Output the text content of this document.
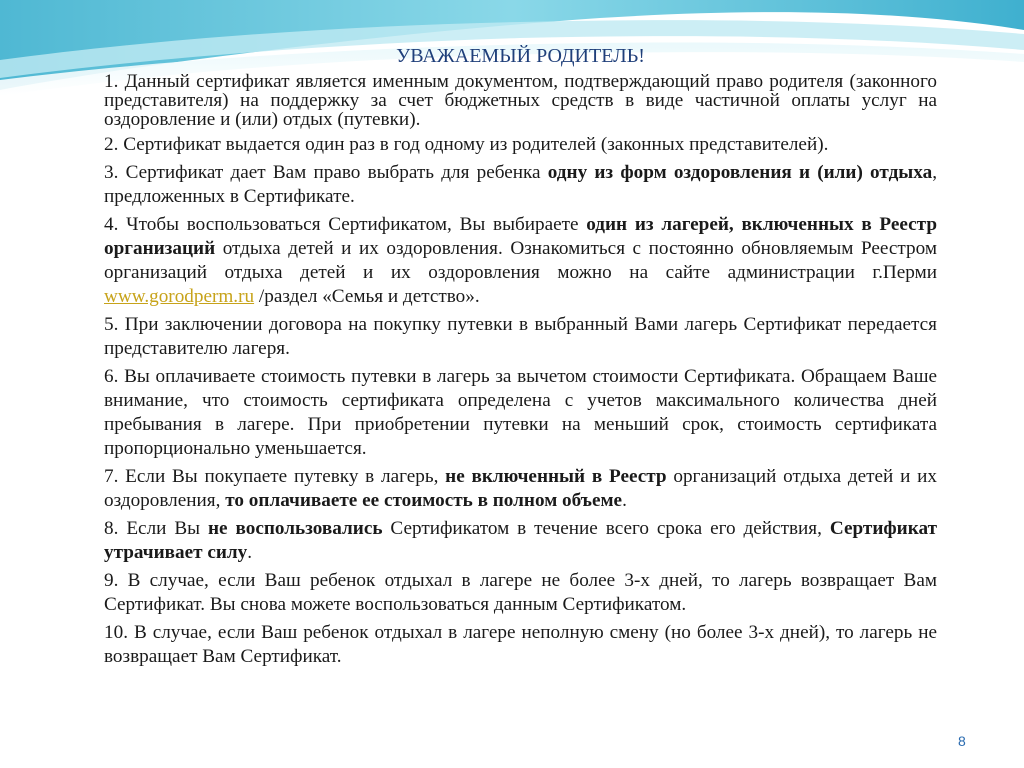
УВАЖАЕМЫЙ РОДИТЕЛЬ!

1. Данный сертификат является именным документом, подтверждающий право родителя (законного представителя) на поддержку за счет бюджетных средств в виде частичной оплаты услуг на оздоровление и (или) отдых (путевки).

2. Сертификат выдается один раз в год одному из родителей (законных представителей).

3. Сертификат дает Вам право выбрать для ребенка одну из форм оздоровления и (или) отдыха, предложенных в Сертификате.

4. Чтобы воспользоваться Сертификатом, Вы выбираете один из лагерей, включенных в Реестр организаций отдыха детей и их оздоровления. Ознакомиться с постоянно обновляемым Реестром организаций отдыха детей и их оздоровления можно на сайте администрации г.Перми www.gorodperm.ru /раздел «Семья и детство».

5. При заключении договора на покупку путевки в выбранный Вами лагерь Сертификат передается представителю лагеря.

6. Вы оплачиваете стоимость путевки в лагерь за вычетом стоимости Сертификата. Обращаем Ваше внимание, что стоимость сертификата определена с учетов максимального количества дней пребывания в лагере. При приобретении путевки на меньший срок, стоимость сертификата пропорционально уменьшается.

7. Если Вы покупаете путевку в лагерь, не включенный в Реестр организаций отдыха детей и их оздоровления, то оплачиваете ее стоимость в полном объеме.

8. Если Вы не воспользовались Сертификатом в течение всего срока его действия, Сертификат утрачивает силу.

9. В случае, если Ваш ребенок отдыхал в лагере не более 3-х дней, то лагерь возвращает Вам Сертификат. Вы снова можете воспользоваться данным Сертификатом.

10. В случае, если Ваш ребенок отдыхал в лагере неполную смену (но более 3-х дней), то лагерь не возвращает Вам Сертификат.

8
